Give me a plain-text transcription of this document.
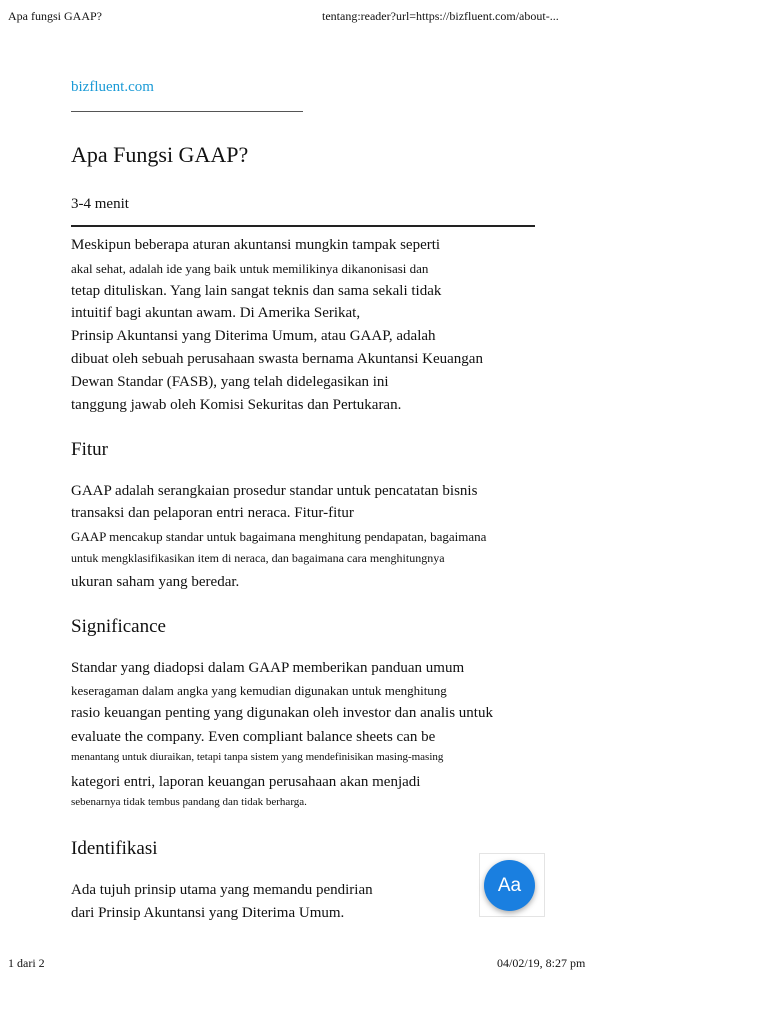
Apa fungsi GAAP?	tentang:reader?url=https://bizfluent.com/about-...
bizfluent.com
Apa Fungsi GAAP?
3-4 menit
Meskipun beberapa aturan akuntansi mungkin tampak seperti
akal sehat, adalah ide yang baik untuk memilikinya dikanonisasi dan
tetap dituliskan. Yang lain sangat teknis dan sama sekali tidak
intuitif bagi akuntan awam. Di Amerika Serikat,
Prinsip Akuntansi yang Diterima Umum, atau GAAP, adalah
dibuat oleh sebuah perusahaan swasta bernama Akuntansi Keuangan
Dewan Standar (FASB), yang telah didelegasikan ini
tanggung jawab oleh Komisi Sekuritas dan Pertukaran.
Fitur
GAAP adalah serangkaian prosedur standar untuk pencatatan bisnis
transaksi dan pelaporan entri neraca. Fitur-fitur
GAAP mencakup standar untuk bagaimana menghitung pendapatan, bagaimana
untuk mengklasifikasikan item di neraca, dan bagaimana cara menghitungnya
ukuran saham yang beredar.
Significance
Standar yang diadopsi dalam GAAP memberikan panduan umum
keseragaman dalam angka yang kemudian digunakan untuk menghitung
rasio keuangan penting yang digunakan oleh investor dan analis untuk
evaluate the company. Even compliant balance sheets can be
menantang untuk diuraikan, tetapi tanpa sistem yang mendefinisikan masing-masing
kategori entri, laporan keuangan perusahaan akan menjadi
sebenarnya tidak tembus pandang dan tidak berharga.
Identifikasi
Ada tujuh prinsip utama yang memandu pendirian
dari Prinsip Akuntansi yang Diterima Umum.
Aa
1 dari 2	04/02/19, 8:27 pm
